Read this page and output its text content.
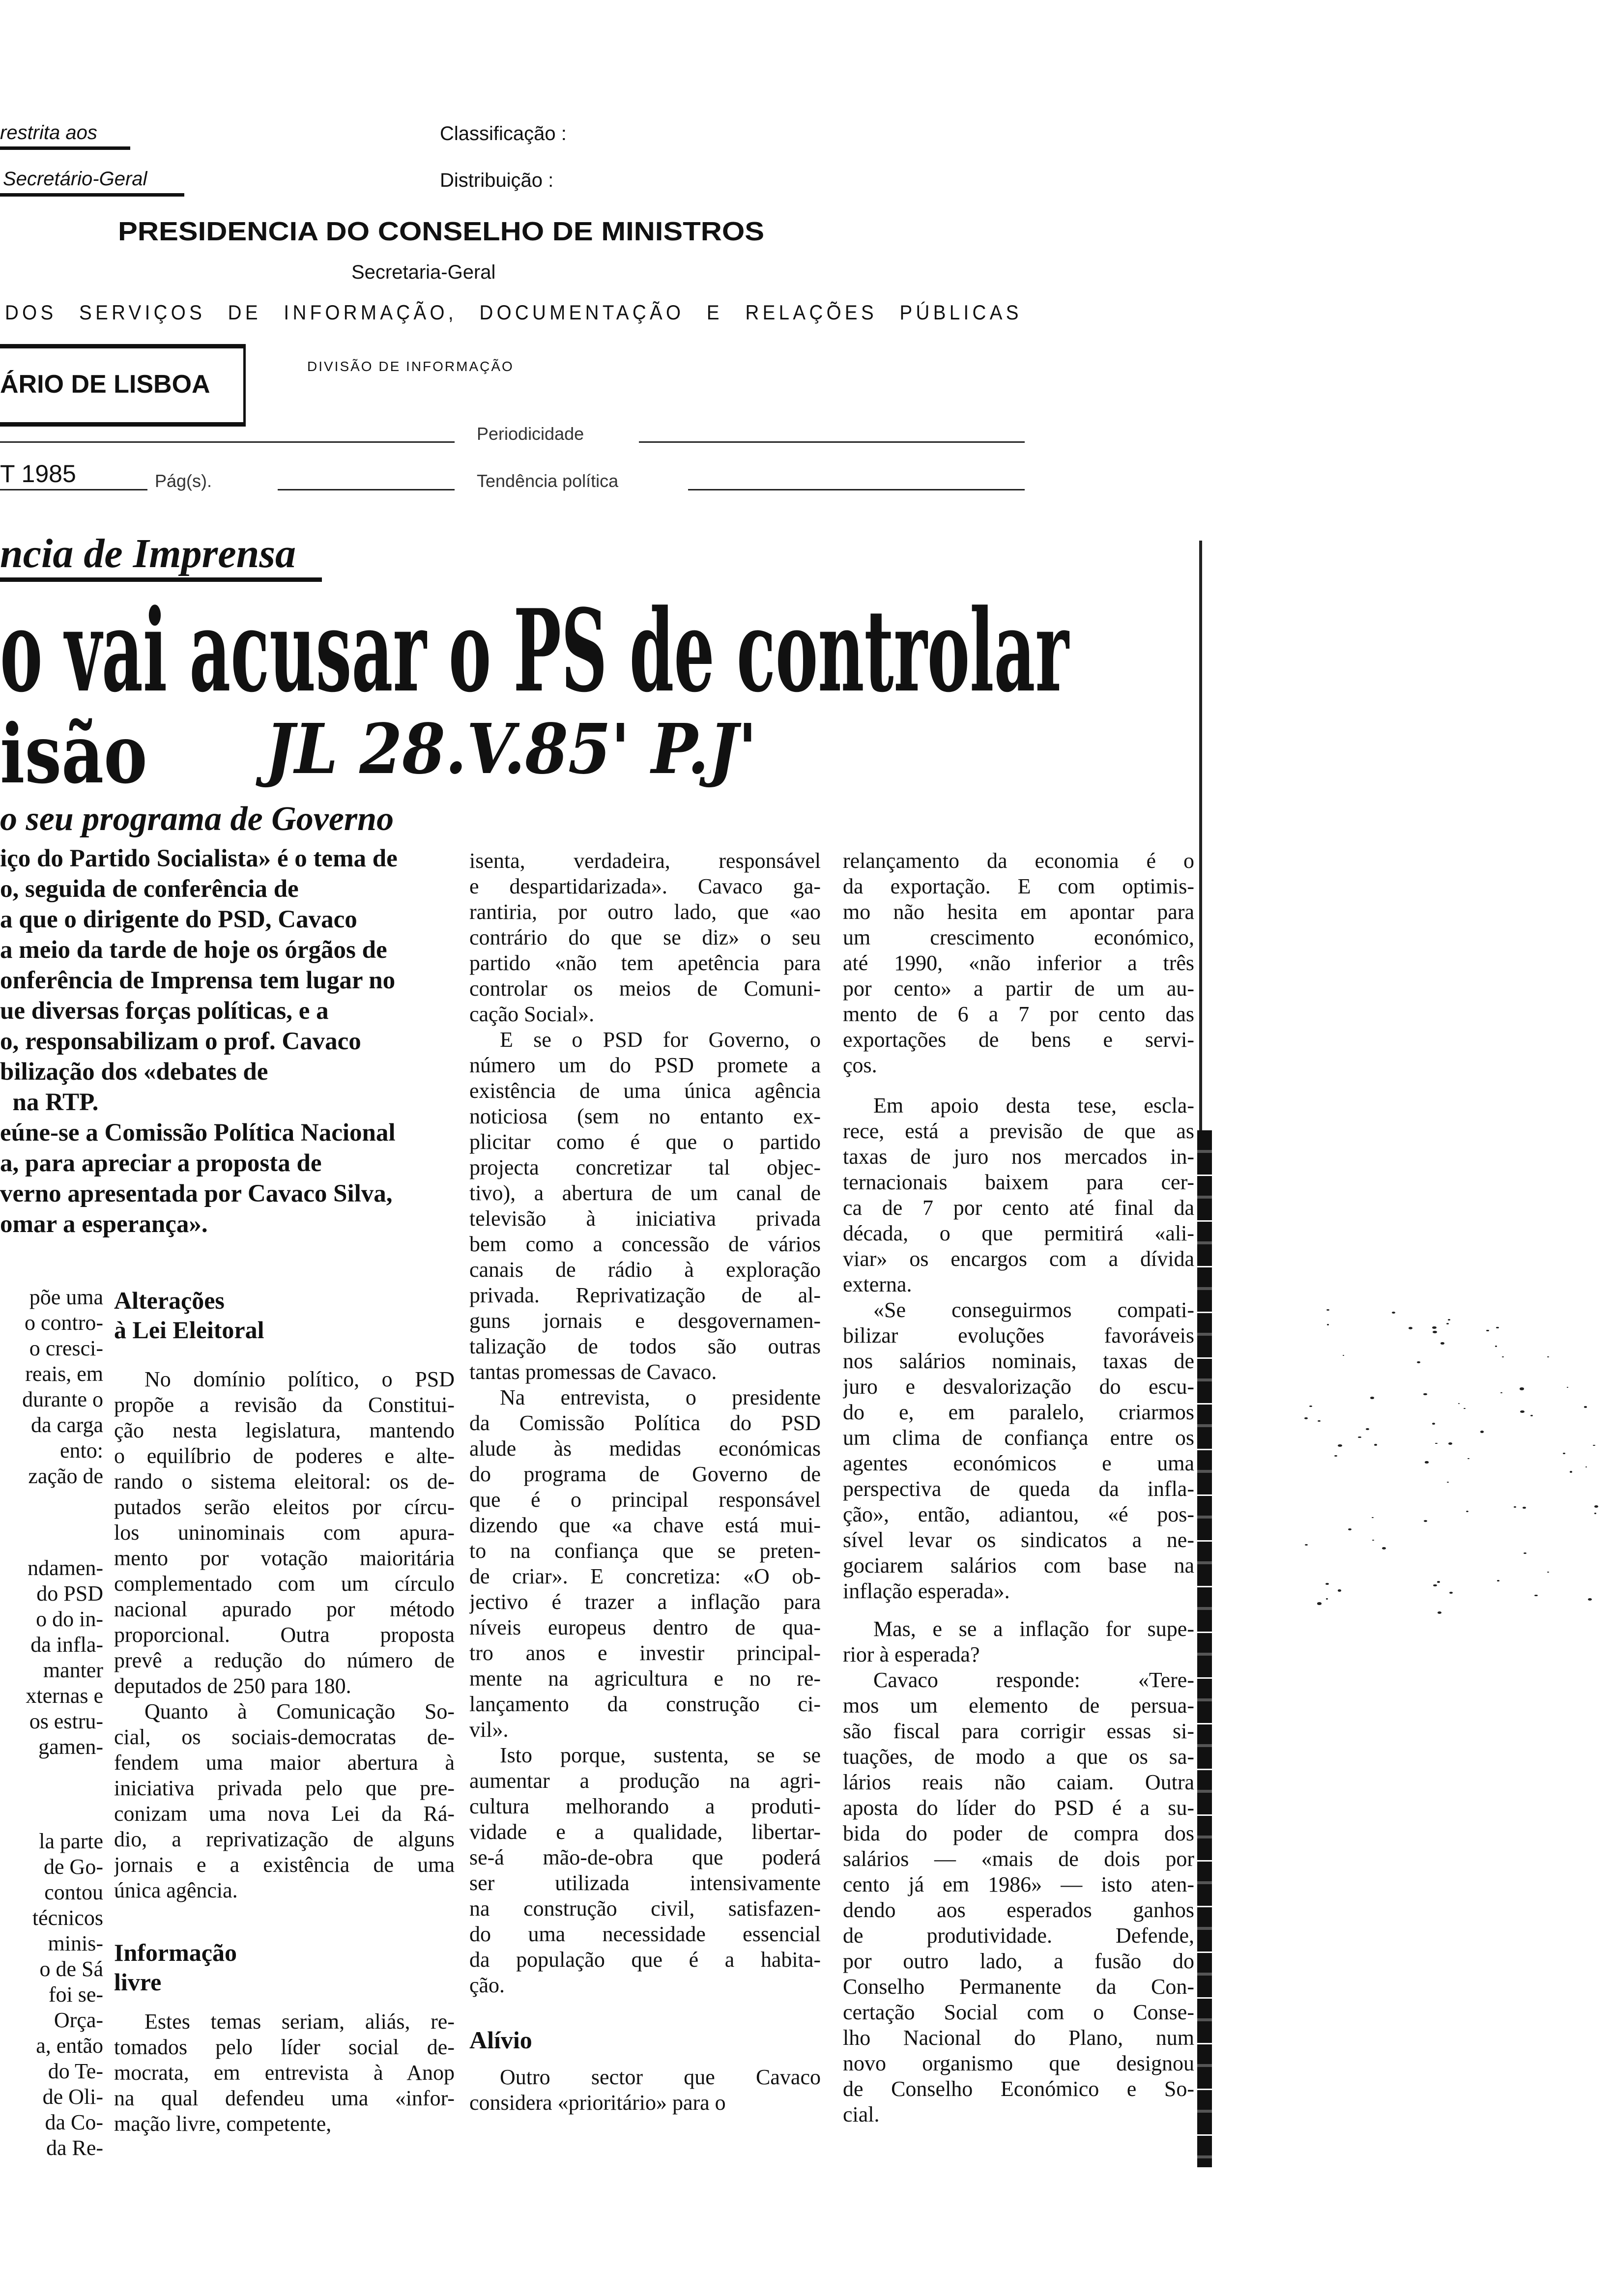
restrita aos
Secretário-Geral
Classificação :
Distribuição :
PRESIDENCIA DO CONSELHO DE MINISTROS
Secretaria-Geral
DOS SERVIÇOS DE INFORMAÇÃO, DOCUMENTAÇÃO E RELAÇÕES PÚBLICAS
ÁRIO DE LISBOA
DIVISÃO DE INFORMAÇÃO
Periodicidade
T 1985	Pág(s).	Tendência política
ncia de Imprensa
o vai acusar o PS de controlar
isão	JL 28.V.85' P.J'
o seu programa de Governo
iço do Partido Socialista» é o tema de
o, seguida de conferência de
a que o dirigente do PSD, Cavaco
a meio da tarde de hoje os órgãos de
onferência de Imprensa tem lugar no
ue diversas forças políticas, e a
o, responsabilizam o prof. Cavaco
bilização dos «debates de
na RTP.
eúne-se a Comissão Política Nacional
a, para apreciar a proposta de
verno apresentada por Cavaco Silva,
omar a esperança».
põe uma
o contro-
o cresci-
reais, em
durante o
da carga
ento:
zação de
ndamen-
do PSD
o do in-
da infla-
manter
xternas e
os estru-
gamen-
la parte
de Go-
contou
técnicos
minis-
o de Sá
foi se-
Orça-
a, então
do Te-
de Oli-
da Co-
da Re-
Alterações
à Lei Eleitoral
No domínio político, o PSD
propõe a revisão da Constitui-
ção nesta legislatura, mantendo
o equilíbrio de poderes e alte-
rando o sistema eleitoral: os de-
putados serão eleitos por círcu-
los uninominais com apura-
mento por votação maioritária
complementado com um círculo
nacional apurado por método
proporcional. Outra proposta
prevê a redução do número de
deputados de 250 para 180.
Quanto à Comunicação So-
cial, os sociais-democratas de-
fendem uma maior abertura à
iniciativa privada pelo que pre-
conizam uma nova Lei da Rá-
dio, a reprivatização de alguns
jornais e a existência de uma
única agência.
Informação
livre
Estes temas seriam, aliás, re-
tomados pelo líder social de-
mocrata, em entrevista à Anop
na qual defendeu uma «infor-
mação livre, competente,
isenta, verdadeira, responsável
e despartidarizada». Cavaco ga-
rantiria, por outro lado, que «ao
contrário do que se diz» o seu
partido «não tem apetência para
controlar os meios de Comuni-
cação Social».
E se o PSD for Governo, o
número um do PSD promete a
existência de uma única agência
noticiosa (sem no entanto ex-
plicitar como é que o partido
projecta concretizar tal objec-
tivo), a abertura de um canal de
televisão à iniciativa privada
bem como a concessão de vários
canais de rádio à exploração
privada. Reprivatização de al-
guns jornais e desgovernamen-
talização de todos são outras
tantas promessas de Cavaco.
Na entrevista, o presidente
da Comissão Política do PSD
alude às medidas económicas
do programa de Governo de
que é o principal responsável
dizendo que «a chave está mui-
to na confiança que se preten-
de criar». E concretiza: «O ob-
jectivo é trazer a inflação para
níveis europeus dentro de qua-
tro anos e investir principal-
mente na agricultura e no re-
lançamento da construção ci-
vil».
Isto porque, sustenta, se se
aumentar a produção na agri-
cultura melhorando a produti-
vidade e a qualidade, libertar-
se-á mão-de-obra que poderá
ser utilizada intensivamente
na construção civil, satisfazen-
do uma necessidade essencial
da população que é a habita-
ção.
Alívio
Outro sector que Cavaco
considera «prioritário» para o
relançamento da economia é o
da exportação. E com optimis-
mo não hesita em apontar para
um crescimento económico,
até 1990, «não inferior a três
por cento» a partir de um au-
mento de 6 a 7 por cento das
exportações de bens e servi-
ços.
Em apoio desta tese, escla-
rece, está a previsão de que as
taxas de juro nos mercados in-
ternacionais baixem para cer-
ca de 7 por cento até final da
década, o que permitirá «ali-
viar» os encargos com a dívida
externa.
«Se conseguirmos compati-
bilizar evoluções favoráveis
nos salários nominais, taxas de
juro e desvalorização do escu-
do e, em paralelo, criarmos
um clima de confiança entre os
agentes económicos e uma
perspectiva de queda da infla-
ção», então, adiantou, «é pos-
sível levar os sindicatos a ne-
gociarem salários com base na
inflação esperada».
Mas, e se a inflação for supe-
rior à esperada?
Cavaco responde: «Tere-
mos um elemento de persua-
são fiscal para corrigir essas si-
tuações, de modo a que os sa-
lários reais não caiam. Outra
aposta do líder do PSD é a su-
bida do poder de compra dos
salários — «mais de dois por
cento já em 1986» — isto aten-
dendo aos esperados ganhos
de produtividade. Defende,
por outro lado, a fusão do
Conselho Permanente da Con-
certação Social com o Conse-
lho Nacional do Plano, num
novo organismo que designou
de Conselho Económico e So-
cial.
